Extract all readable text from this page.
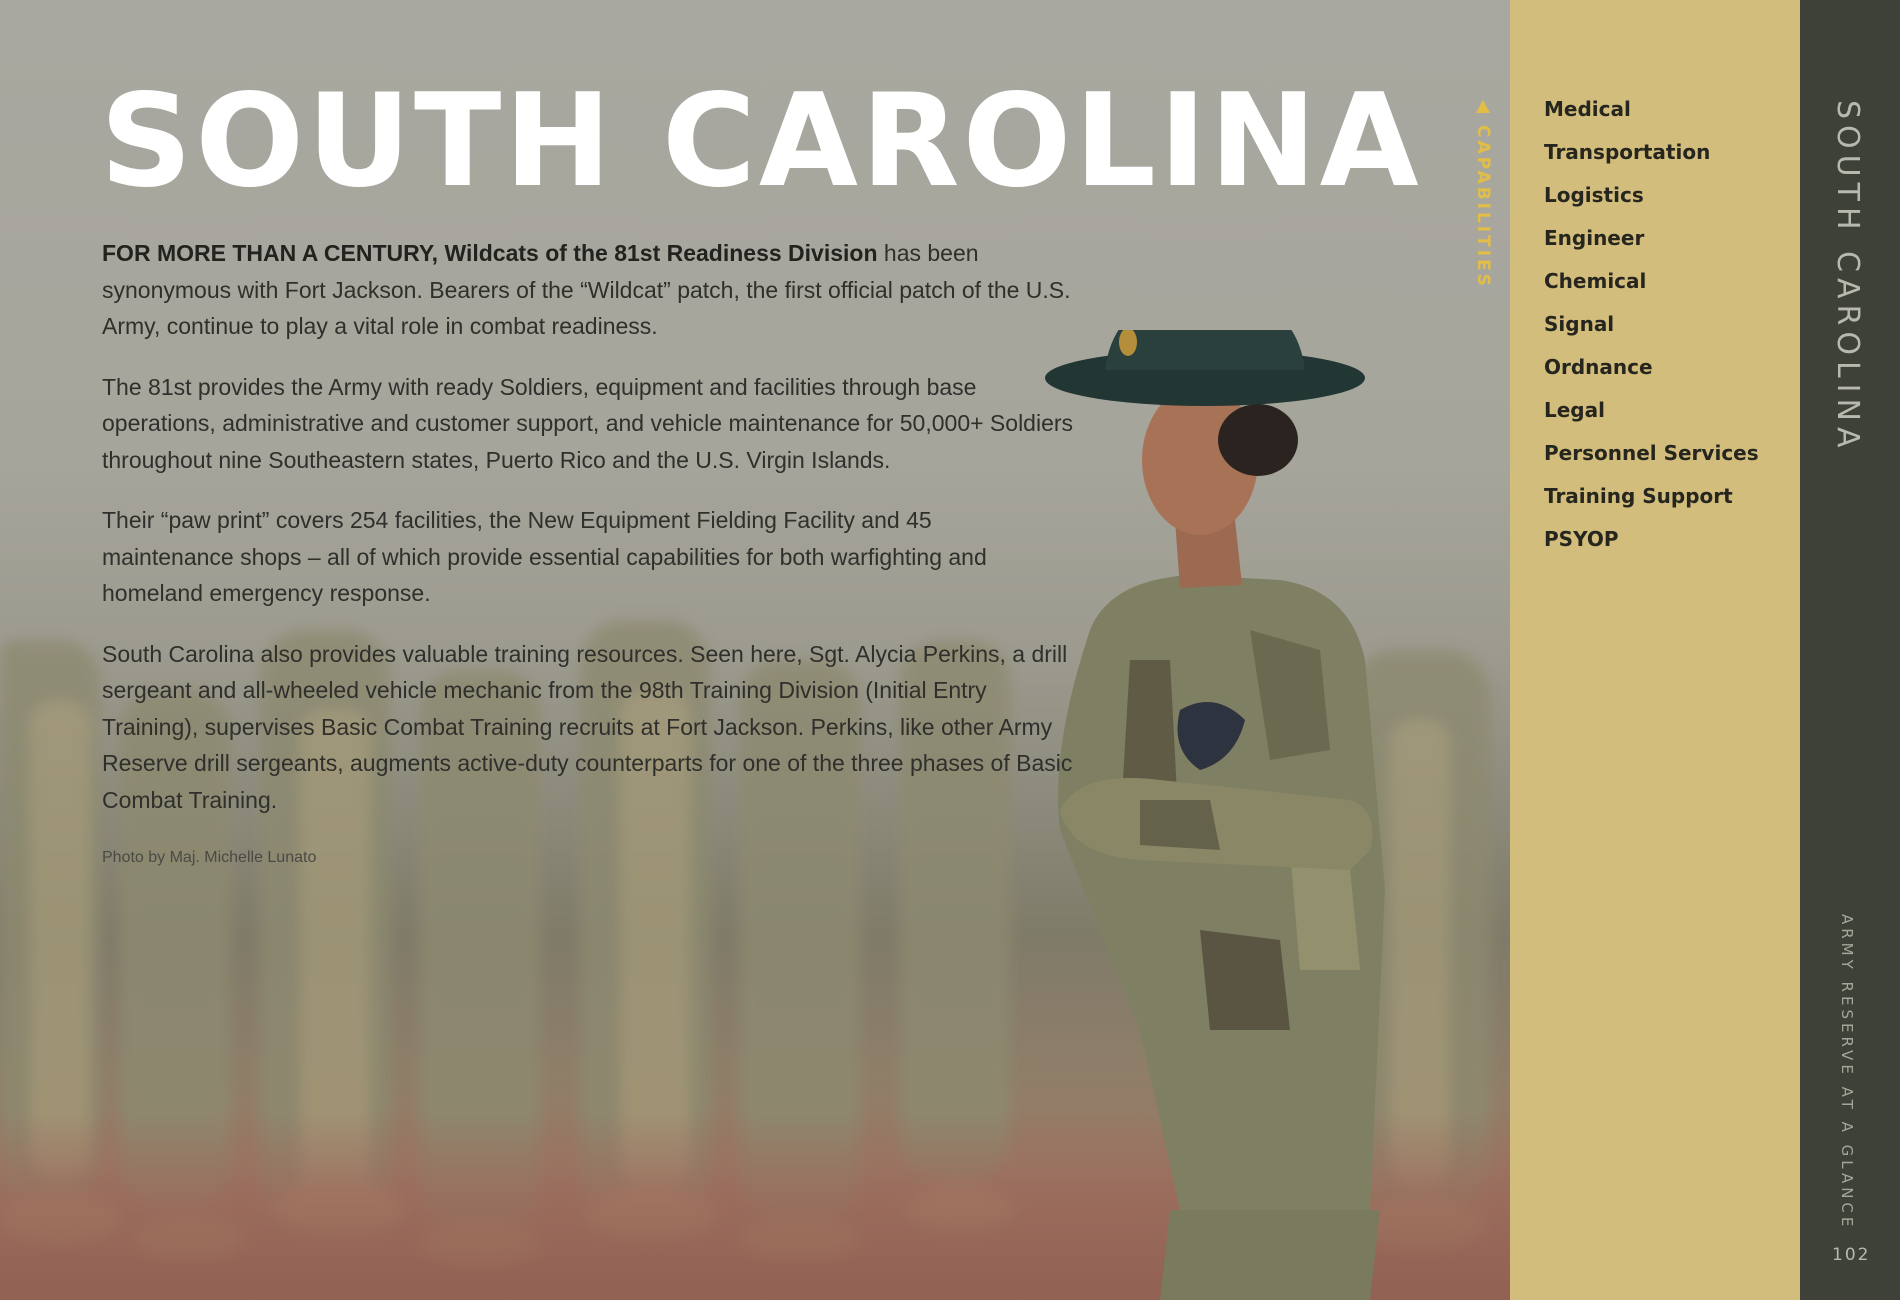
SOUTH CAROLINA

FOR MORE THAN A CENTURY, Wildcats of the 81st Readiness Division has been synonymous with Fort Jackson. Bearers of the “Wildcat” patch, the first official patch of the U.S. Army, continue to play a vital role in combat readiness.

The 81st provides the Army with ready Soldiers, equipment and facilities through base operations, administrative and customer support, and vehicle maintenance for 50,000+ Soldiers throughout nine Southeastern states, Puerto Rico and the U.S. Virgin Islands.

Their “paw print” covers 254 facilities, the New Equipment Fielding Facility and 45 maintenance shops – all of which provide essential capabilities for both warfighting and homeland emergency response.

South Carolina also provides valuable training resources. Seen here, Sgt. Alycia Perkins, a drill sergeant and all-wheeled vehicle mechanic from the 98th Training Division (Initial Entry Training), supervises Basic Combat Training recruits at Fort Jackson. Perkins, like other Army Reserve drill sergeants, augments active-duty counterparts for one of the three phases of Basic Combat Training.

Photo by Maj. Michelle Lunato
CAPABILITIES
Medical
Transportation
Logistics
Engineer
Chemical
Signal
Ordnance
Legal
Personnel Services
Training Support
PSYOP
SOUTH CAROLINA
ARMY RESERVE AT A GLANCE
102
